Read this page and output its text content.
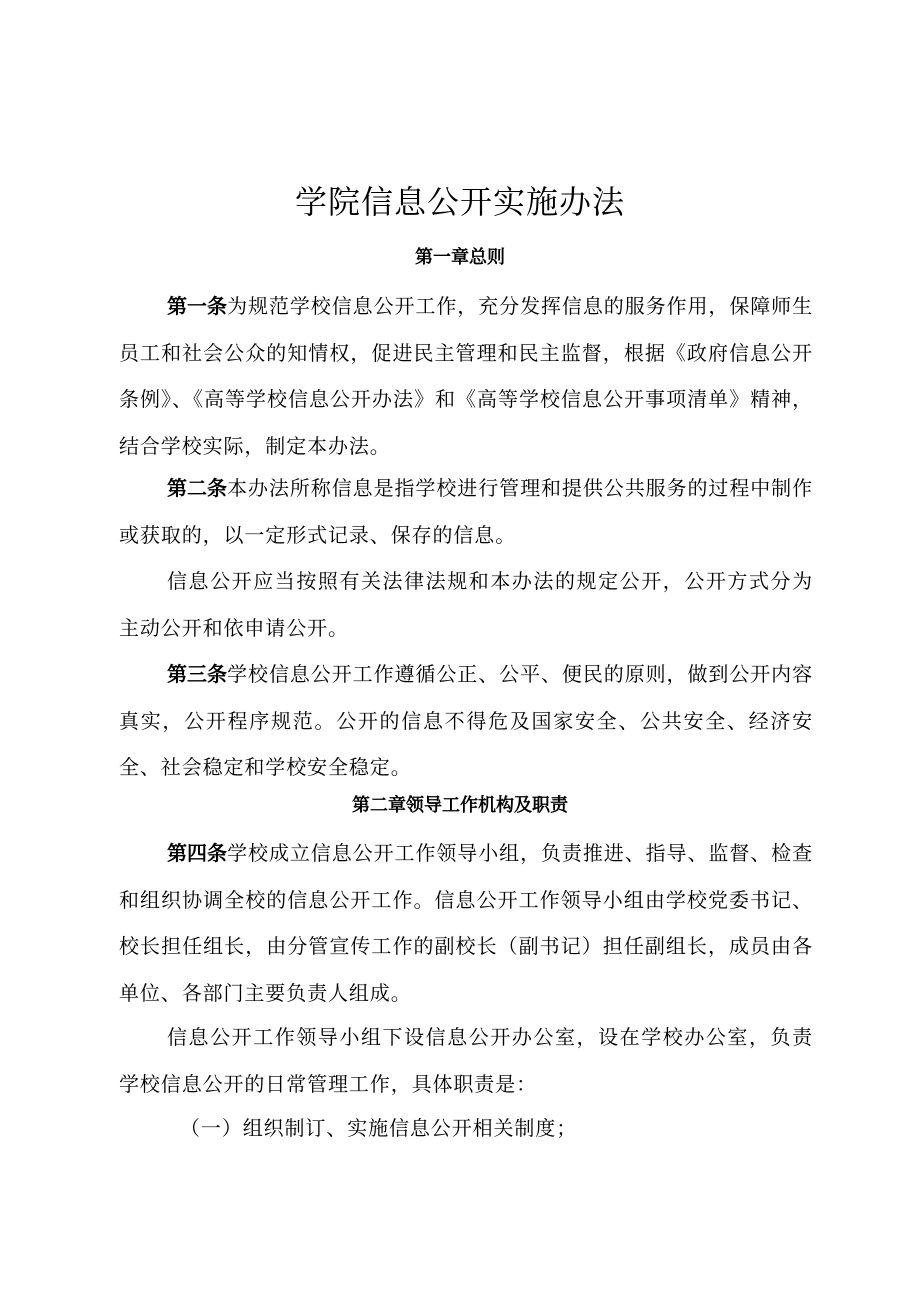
学院信息公开实施办法
第一章总则
第一条为规范学校信息公开工作，充分发挥信息的服务作用，保障师生员工和社会公众的知情权，促进民主管理和民主监督，根据《政府信息公开条例》、《高等学校信息公开办法》和《高等学校信息公开事项清单》精神，结合学校实际，制定本办法。
第二条本办法所称信息是指学校进行管理和提供公共服务的过程中制作或获取的，以一定形式记录、保存的信息。
信息公开应当按照有关法律法规和本办法的规定公开，公开方式分为主动公开和依申请公开。
第三条学校信息公开工作遵循公正、公平、便民的原则，做到公开内容真实，公开程序规范。公开的信息不得危及国家安全、公共安全、经济安全、社会稳定和学校安全稳定。
第二章领导工作机构及职责
第四条学校成立信息公开工作领导小组，负责推进、指导、监督、检查和组织协调全校的信息公开工作。信息公开工作领导小组由学校党委书记、校长担任组长，由分管宣传工作的副校长（副书记）担任副组长，成员由各单位、各部门主要负责人组成。
信息公开工作领导小组下设信息公开办公室，设在学校办公室，负责学校信息公开的日常管理工作，具体职责是：
（一）组织制订、实施信息公开相关制度；
